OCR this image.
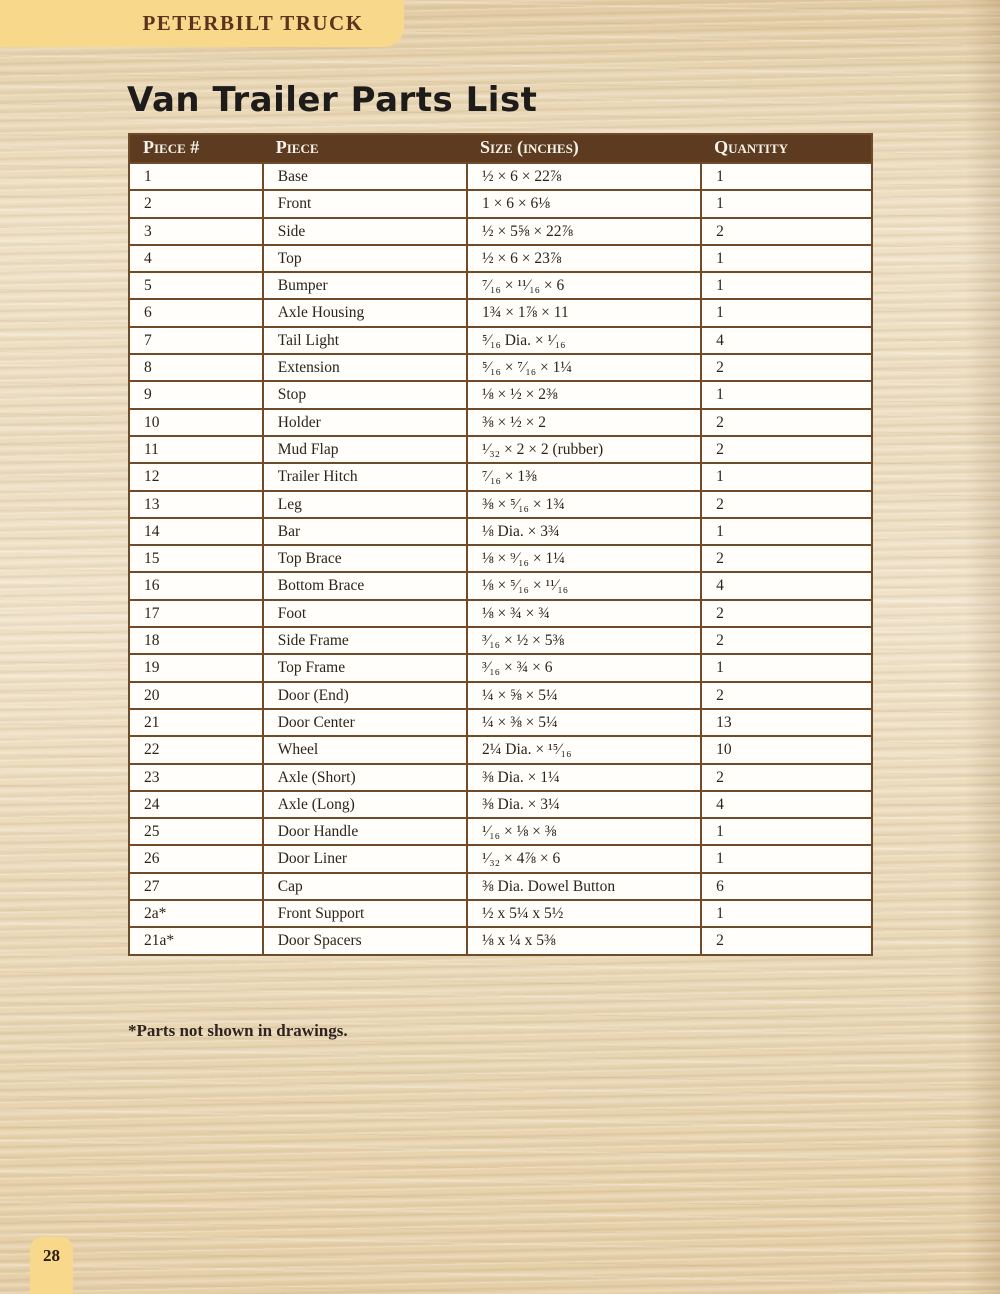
PETERBILT TRUCK
Van Trailer Parts List
Piece #	Piece	Size (inches)	Quantity
1	Base	½ × 6 × 22⅞	1
2	Front	1 × 6 × 6⅛	1
3	Side	½ × 5⅝ × 22⅞	2
4	Top	½ × 6 × 23⅞	1
5	Bumper	⁷⁄₁₆ × ¹¹⁄₁₆ × 6	1
6	Axle Housing	1¾ × 1⅞ × 11	1
7	Tail Light	⁵⁄₁₆ Dia. × ¹⁄₁₆	4
8	Extension	⁵⁄₁₆ × ⁷⁄₁₆ × 1¼	2
9	Stop	⅛ × ½ × 2⅜	1
10	Holder	⅜ × ½ × 2	2
11	Mud Flap	¹⁄₃₂ × 2 × 2 (rubber)	2
12	Trailer Hitch	⁷⁄₁₆ × 1⅜	1
13	Leg	⅜ × ⁵⁄₁₆ × 1¾	2
14	Bar	⅛ Dia. × 3¾	1
15	Top Brace	⅛ × ⁹⁄₁₆ × 1¼	2
16	Bottom Brace	⅛ × ⁵⁄₁₆ × ¹¹⁄₁₆	4
17	Foot	⅛ × ¾ × ¾	2
18	Side Frame	³⁄₁₆ × ½ × 5⅜	2
19	Top Frame	³⁄₁₆ × ¾ × 6	1
20	Door (End)	¼ × ⅝ × 5¼	2
21	Door Center	¼ × ⅜ × 5¼	13
22	Wheel	2¼ Dia. × ¹⁵⁄₁₆	10
23	Axle (Short)	⅜ Dia. × 1¼	2
24	Axle (Long)	⅜ Dia. × 3¼	4
25	Door Handle	¹⁄₁₆ × ⅛ × ⅜	1
26	Door Liner	¹⁄₃₂ × 4⅞ × 6	1
27	Cap	⅜ Dia. Dowel Button	6
2a*	Front Support	½ x 5¼ x 5½	1
21a*	Door Spacers	⅛ x ¼ x 5⅜	2
*Parts not shown in drawings.
28
